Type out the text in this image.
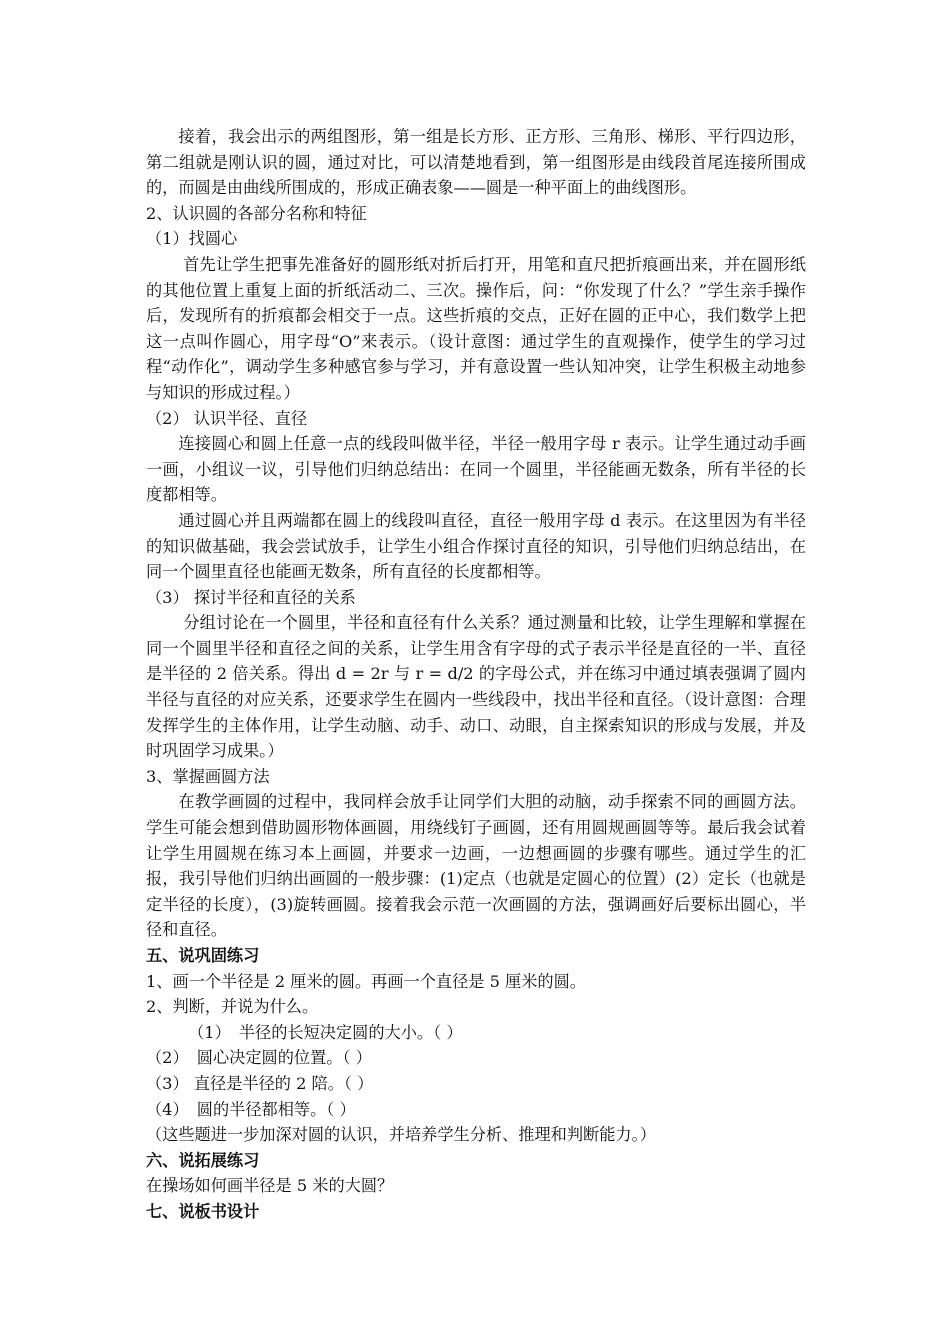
接着，我会出示的两组图形，第一组是长方形、正方形、三角形、梯形、平行四边形，第二组就是刚认识的圆，通过对比，可以清楚地看到，第一组图形是由线段首尾连接所围成的，而圆是由曲线所围成的，形成正确表象——圆是一种平面上的曲线图形。

2、认识圆的各部分名称和特征

（1）找圆心

首先让学生把事先准备好的圆形纸对折后打开，用笔和直尺把折痕画出来，并在圆形纸的其他位置上重复上面的折纸活动二、三次。操作后，问：“你发现了什么？”学生亲手操作后，发现所有的折痕都会相交于一点。这些折痕的交点，正好在圆的正中心，我们数学上把这一点叫作圆心，用字母“O”来表示。（设计意图：通过学生的直观操作，使学生的学习过程“动作化”，调动学生多种感官参与学习，并有意设置一些认知冲突，让学生积极主动地参与知识的形成过程。）

（2） 认识半径、直径

连接圆心和圆上任意一点的线段叫做半径，半径一般用字母 r 表示。让学生通过动手画一画，小组议一议，引导他们归纳总结出：在同一个圆里，半径能画无数条，所有半径的长度都相等。

通过圆心并且两端都在圆上的线段叫直径，直径一般用字母 d 表示。在这里因为有半径的知识做基础，我会尝试放手，让学生小组合作探讨直径的知识，引导他们归纳总结出，在同一个圆里直径也能画无数条，所有直径的长度都相等。

（3） 探讨半径和直径的关系

分组讨论在一个圆里，半径和直径有什么关系？通过测量和比较，让学生理解和掌握在同一个圆里半径和直径之间的关系，让学生用含有字母的式子表示半径是直径的一半、直径是半径的 2 倍关系。得出 d = 2r 与 r = d/2 的字母公式，并在练习中通过填表强调了圆内半径与直径的对应关系，还要求学生在圆内一些线段中，找出半径和直径。（设计意图：合理发挥学生的主体作用，让学生动脑、动手、动口、动眼，自主探索知识的形成与发展，并及时巩固学习成果。）

3、掌握画圆方法

在教学画圆的过程中，我同样会放手让同学们大胆的动脑，动手探索不同的画圆方法。学生可能会想到借助圆形物体画圆，用绕线钉子画圆，还有用圆规画圆等等。最后我会试着让学生用圆规在练习本上画圆，并要求一边画，一边想画圆的步骤有哪些。通过学生的汇报，我引导他们归纳出画圆的一般步骤：(1)定点（也就是定圆心的位置）(2）定长（也就是定半径的长度），(3)旋转画圆。接着我会示范一次画圆的方法，强调画好后要标出圆心，半径和直径。

五、说巩固练习

1、画一个半径是 2 厘米的圆。再画一个直径是 5 厘米的圆。

2、判断，并说为什么。

（1）　半径的长短决定圆的大小。（ ）

（2）　圆心决定圆的位置。（ ）

（3） 直径是半径的 2 陪。（ ）

（4）　圆的半径都相等。（ ）

（这些题进一步加深对圆的认识，并培养学生分析、推理和判断能力。）

六、说拓展练习

在操场如何画半径是 5 米的大圆？

七、说板书设计
